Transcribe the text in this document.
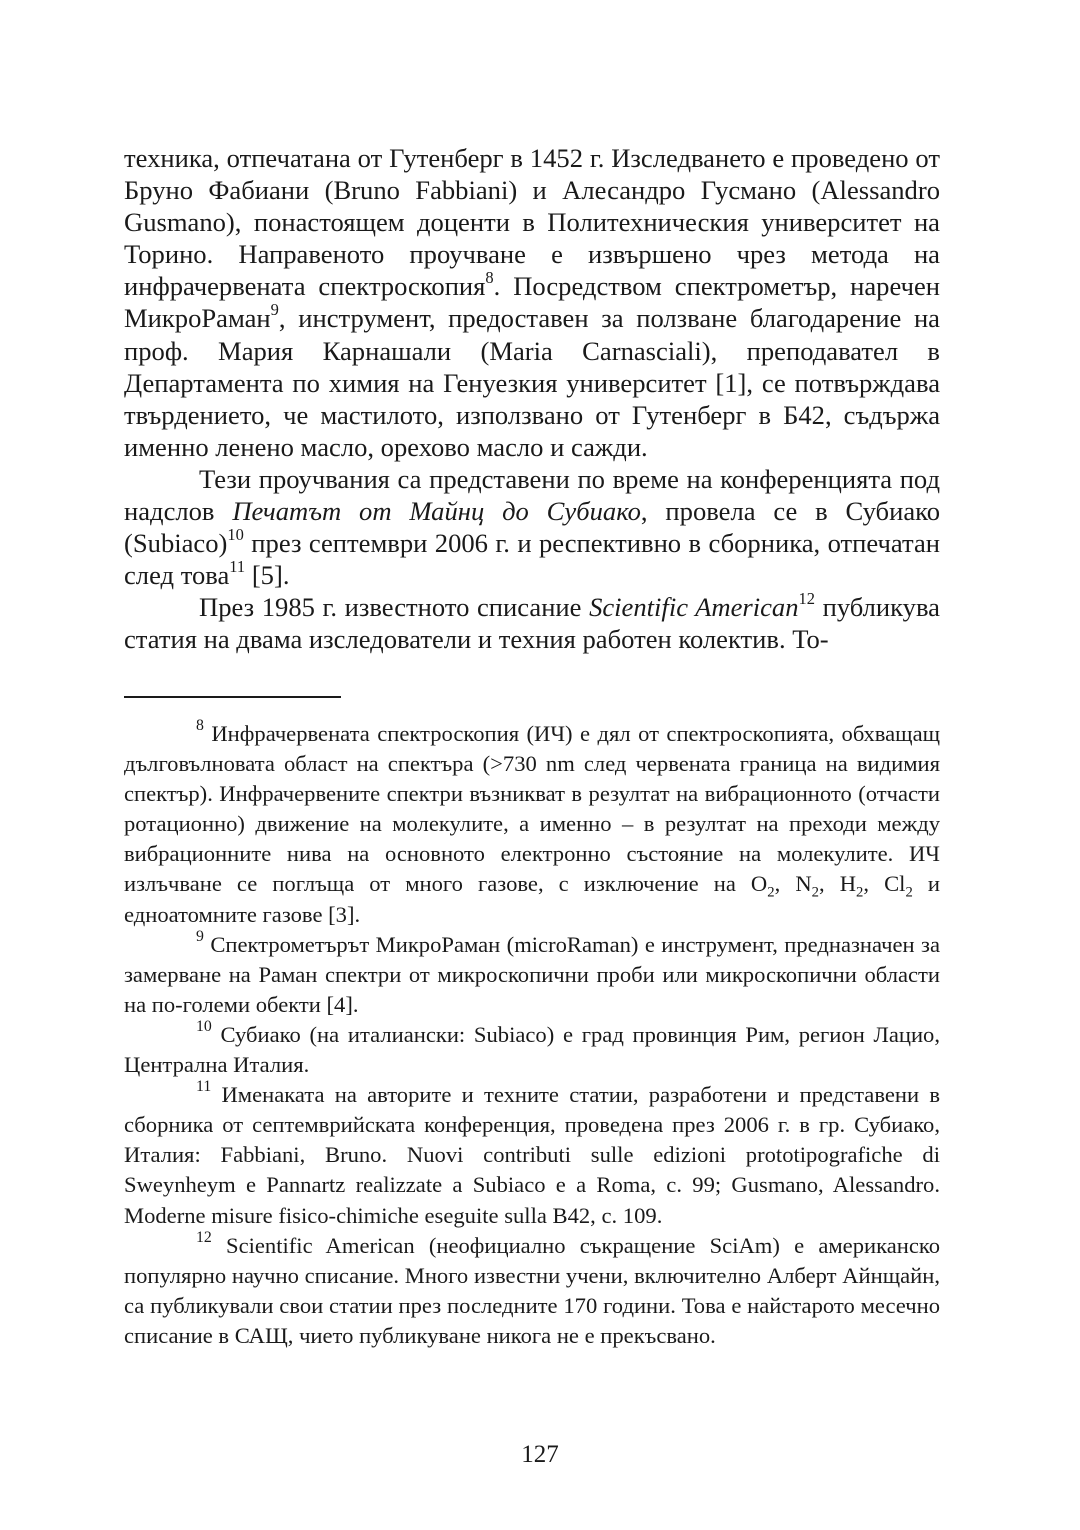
техника, отпечатана от Гутенберг в 1452 г. Изследването е проведено от Бруно Фабиани (Bruno Fabbiani) и Алесандро Гусмано (Alessandro Gusmano), понастоящем доценти в Политехническия университет на Торино. Направеното проучване е извършено чрез метода на инфрачервената спектроскопия$^8$. Посредством спектрометър, наречен МикроРаман$^9$, инструмент, предоставен за ползване благодарение на проф. Мария Карнашали (Maria Carnasciali), преподавател в Департамента по химия на Генуезкия университет [1], се потвърждава твърдението, че мастилото, използвано от Гутенберг в Б42, съдържа именно ленено масло, орехово масло и сажди.

Тези проучвания са представени по време на конференцията под надслов Печатът от Майнц до Субиако, провела се в Субиако (Subiaco)$^{10}$ през септември 2006 г. и респективно в сборника, отпечатан след това$^{11}$ [5].

През 1985 г. известното списание Scientific American$^{12}$ публикува статия на двама изследователи и техния работен колектив. То-

$^8$ Инфрачервената спектроскопия (ИЧ) е дял от спектроскопията, обхващащ дълговълновата област на спектъра (>730 nm след червената граница на видимия спектър). Инфрачервените спектри възникват в резултат на вибрационното (отчасти ротационно) движение на молекулите, а именно – в резултат на преходи между вибрационните нива на основното електронно състояние на молекулите. ИЧ излъчване се поглъща от много газове, с изключение на $O_2$, $N_2$, $H_2$, $Cl_2$ и едноатомните газове [3].

$^9$ Спектрометърът МикроРаман (microRaman) е инструмент, предназначен за замерване на Раман спектри от микроскопични проби или микроскопични области на по-големи обекти [4].

$^{10}$ Субиако (на италиански: Subiaco) е град провинция Рим, регион Лацио, Централна Италия.

$^{11}$ Именаката на авторите и техните статии, разработени и представени в сборника от септемврийската конференция, проведена през 2006 г. в гр. Субиако, Италия: Fabbiani, Bruno. Nuovi contributi sulle edizioni prototipografiche di Sweynheym e Pannartz realizzate a Subiaco e a Roma, с. 99; Gusmano, Alessandro. Moderne misure fisico-chimiche eseguite sulla B42, с. 109.

$^{12}$ Scientific American (неофициално съкращение SciAm) е американско популярно научно списание. Много известни учени, включително Алберт Айнщайн, са публикували свои статии през последните 170 години. Това е найстарото месечно списание в САЩ, чието публикуване никога не е прекъсвано.

127
